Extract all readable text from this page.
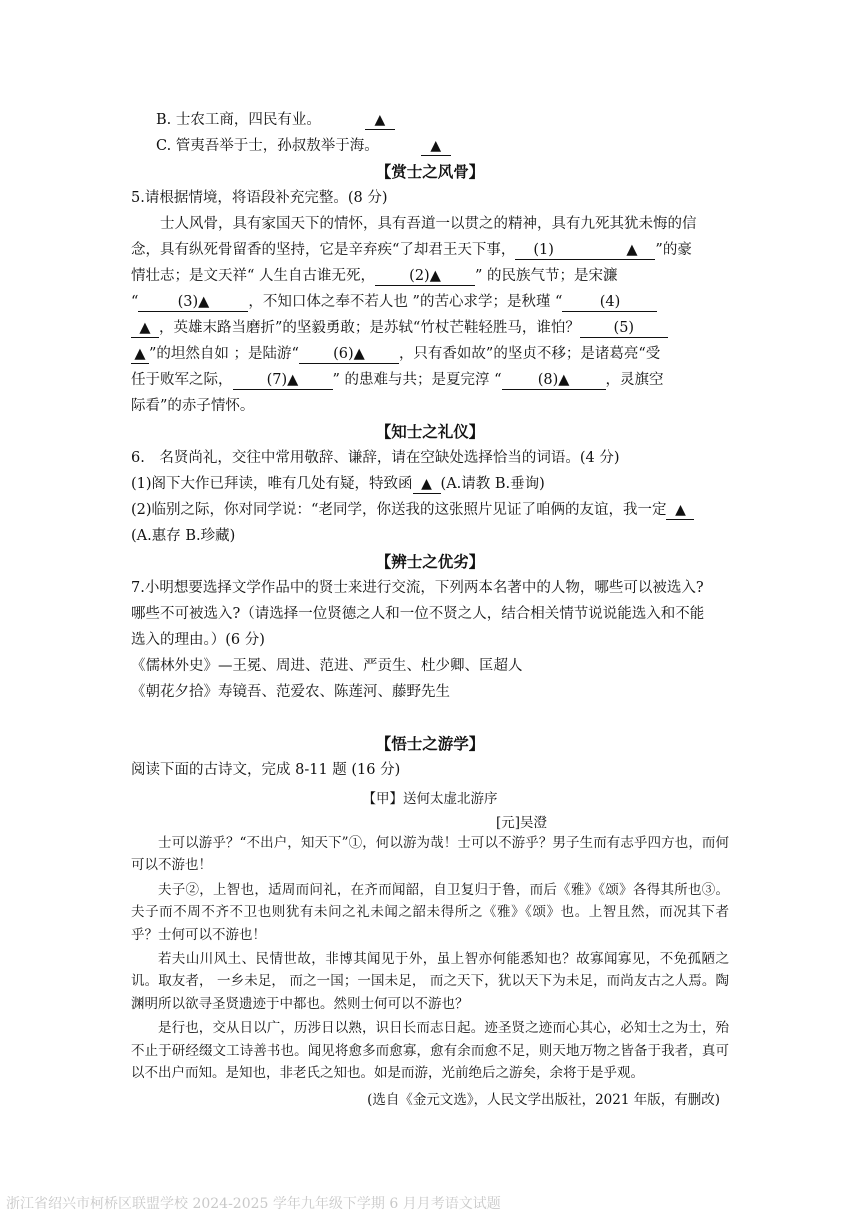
B. 士农工商，四民有业。	▲
C. 管夷吾举于士，孙叔敖举于海。	▲
【赏士之风骨】
5.请根据情境，将语段补充完整。(8 分)
士人风骨，具有家国天下的情怀，具有吾道一以贯之的精神，具有九死其犹未悔的信
念，具有纵死骨留香的坚持，它是辛弃疾“了却君王天下事， (1)　　　　　▲ ”的豪
情壮志；是文天祥“ 人生自古谁无死， (2)▲ ” 的民族气节；是宋濂
“	(3)▲	，不知口体之奉不若人也 ”的苦心求学；是秋瑾 “	(4)
▲ ，英雄末路当磨折”的坚毅勇敢；是苏轼“竹杖芒鞋轻胜马，谁怕？ (5)
▲ ”的坦然自如 ；是陆游“ (6)▲ ，只有香如故”的坚贞不移；是诸葛亮“受
任于败军之际， (7)▲ ” 的患难与共；是夏完淳 “ (8)▲ ，灵旗空
际看”的赤子情怀。
【知士之礼仪】
6.　名贤尚礼，交往中常用敬辞、谦辞，请在空缺处选择恰当的词语。(4 分)
(1)阁下大作已拜读，唯有几处有疑，特致函 ▲ (A.请教 B.垂询)
(2)临别之际，你对同学说：“老同学，你送我的这张照片见证了咱俩的友谊，我一定 ▲
(A.惠存 B.珍藏)
【辨士之优劣】
7.小明想要选择文学作品中的贤士来进行交流，下列两本名著中的人物，哪些可以被选入?
哪些不可被选入?（请选择一位贤德之人和一位不贤之人，结合相关情节说说能选入和不能
选入的理由。）(6 分)
《儒林外史》—王冕、周进、范进、严贡生、杜少卿、匡超人
《朝花夕拾》寿镜吾、范爱农、陈莲河、藤野先生
【悟士之游学】
阅读下面的古诗文，完成 8-11 题 (16 分)
【甲】送何太虚北游序
[元]吴澄

士可以游乎？“不出户，知天下”①，何以游为哉！士可以不游乎？男子生而有志乎四方也，而何可以不游也！

夫子②，上智也，适周而问礼，在齐而闻韶，自卫复归于鲁，而后《雅》《颂》各得其所也③。夫子而不周不齐不卫也则犹有未问之礼未闻之韶未得所之《雅》《颂》也。上智且然，而况其下者乎？士何可以不游也！

若夫山川风土、民情世故，非博其闻见于外，虽上智亦何能悉知也？故寡闻寡见，不免孤陋之讥。取友者， 一乡未足， 而之一国；一国未足， 而之天下，犹以天下为未足，而尚友古之人焉。陶渊明所以欲寻圣贤遗迹于中都也。然则士何可以不游也？

是行也，交从日以广，历涉日以熟，识日长而志日起。迹圣贤之迹而心其心，必知士之为士，殆不止于研经缀文工诗善书也。闻见将愈多而愈寡，愈有余而愈不足，则天地万物之皆备于我者，真可以不出户而知。是知也，非老氏之知也。如是而游，光前绝后之游矣，余将于是乎观。

(选自《金元文选》，人民文学出版社，2021 年版，有删改)
浙江省绍兴市柯桥区联盟学校 2024-2025 学年九年级下学期 6 月月考语文试题
